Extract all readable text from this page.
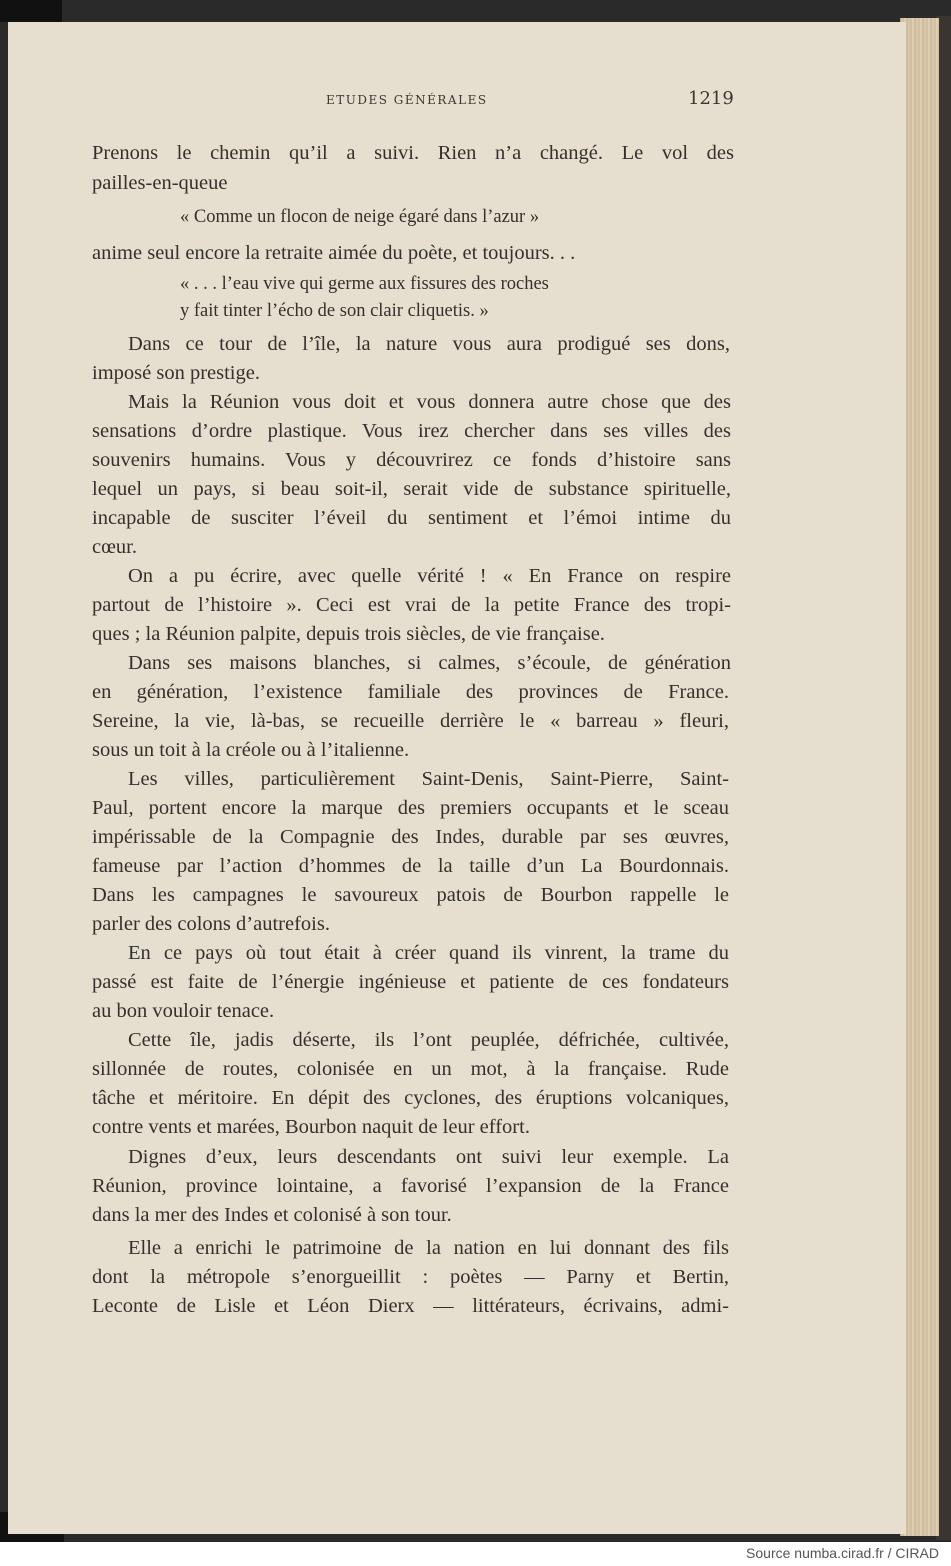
ETUDES GÉNÉRALES	1219
Prenons le chemin qu’il a suivi. Rien n’a changé. Le vol des
pailles-en-queue
« Comme un flocon de neige égaré dans l’azur »
anime seul encore la retraite aimée du poète, et toujours. . .
« . . . l’eau vive qui germe aux fissures des roches
y fait tinter l’écho de son clair cliquetis. »
Dans ce tour de l’île, la nature vous aura prodigué ses dons,
imposé son prestige.
Mais la Réunion vous doit et vous donnera autre chose que des
sensations d’ordre plastique. Vous irez chercher dans ses villes des
souvenirs humains. Vous y découvrirez ce fonds d’histoire sans
lequel un pays, si beau soit-il, serait vide de substance spirituelle,
incapable de susciter l’éveil du sentiment et l’émoi intime du
cœur.
On a pu écrire, avec quelle vérité ! « En France on respire
partout de l’histoire ». Ceci est vrai de la petite France des tropi-
ques ; la Réunion palpite, depuis trois siècles, de vie française.
Dans ses maisons blanches, si calmes, s’écoule, de génération
en génération, l’existence familiale des provinces de France.
Sereine, la vie, là-bas, se recueille derrière le « barreau » fleuri,
sous un toit à la créole ou à l’italienne.
Les villes, particulièrement Saint-Denis, Saint-Pierre, Saint-
Paul, portent encore la marque des premiers occupants et le sceau
impérissable de la Compagnie des Indes, durable par ses œuvres,
fameuse par l’action d’hommes de la taille d’un La Bourdonnais.
Dans les campagnes le savoureux patois de Bourbon rappelle le
parler des colons d’autrefois.
En ce pays où tout était à créer quand ils vinrent, la trame du
passé est faite de l’énergie ingénieuse et patiente de ces fondateurs
au bon vouloir tenace.
Cette île, jadis déserte, ils l’ont peuplée, défrichée, cultivée,
sillonnée de routes, colonisée en un mot, à la française. Rude
tâche et méritoire. En dépit des cyclones, des éruptions volcaniques,
contre vents et marées, Bourbon naquit de leur effort.
Dignes d’eux, leurs descendants ont suivi leur exemple. La
Réunion, province lointaine, a favorisé l’expansion de la France
dans la mer des Indes et colonisé à son tour.
Elle a enrichi le patrimoine de la nation en lui donnant des fils
dont la métropole s’enorgueillit : poètes — Parny et Bertin,
Leconte de Lisle et Léon Dierx — littérateurs, écrivains, admi-
Source numba.cirad.fr / CIRAD
